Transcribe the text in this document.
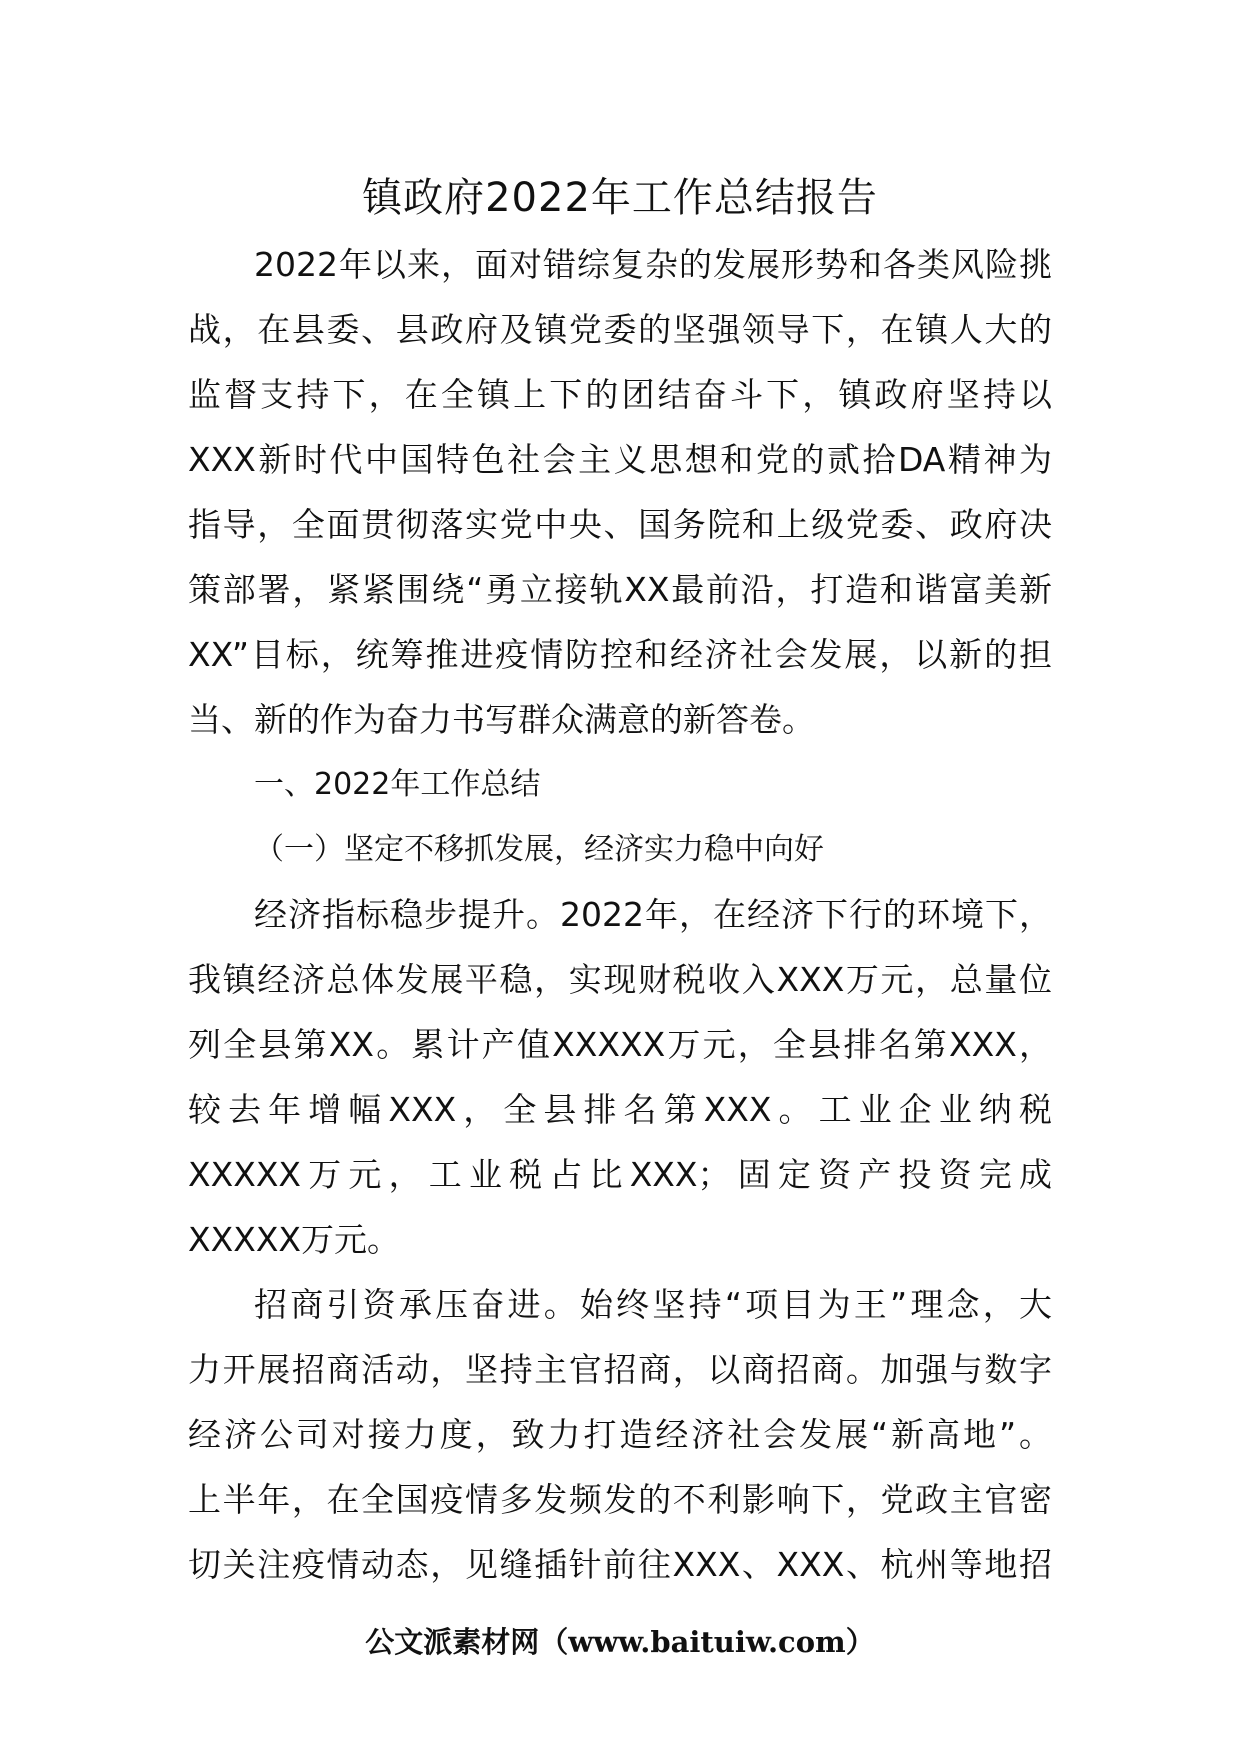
镇政府2022年工作总结报告
2022年以来，面对错综复杂的发展形势和各类风险挑
战，在县委、县政府及镇党委的坚强领导下，在镇人大的
监督支持下，在全镇上下的团结奋斗下，镇政府坚持以
XXX新时代中国特色社会主义思想和党的贰拾DA精神为
指导，全面贯彻落实党中央、国务院和上级党委、政府决
策部署，紧紧围绕“勇立接轨XX最前沿，打造和谐富美新
XX”目标，统筹推进疫情防控和经济社会发展，以新的担
当、新的作为奋力书写群众满意的新答卷。
一、2022年工作总结
（一）坚定不移抓发展，经济实力稳中向好
经济指标稳步提升。2022年，在经济下行的环境下，
我镇经济总体发展平稳，实现财税收入XXX万元，总量位
列全县第XX。累计产值XXXXX万元，全县排名第XXX，
较去年增幅XXX，全县排名第XXX。工业企业纳税
XXXXX万元，工业税占比XXX；固定资产投资完成
XXXXX万元。
招商引资承压奋进。始终坚持“项目为王”理念，大
力开展招商活动，坚持主官招商，以商招商。加强与数字
经济公司对接力度，致力打造经济社会发展“新高地”。
上半年，在全国疫情多发频发的不利影响下，党政主官密
切关注疫情动态，见缝插针前往XXX、XXX、杭州等地招
公文派素材网（www.baituiw.com）
